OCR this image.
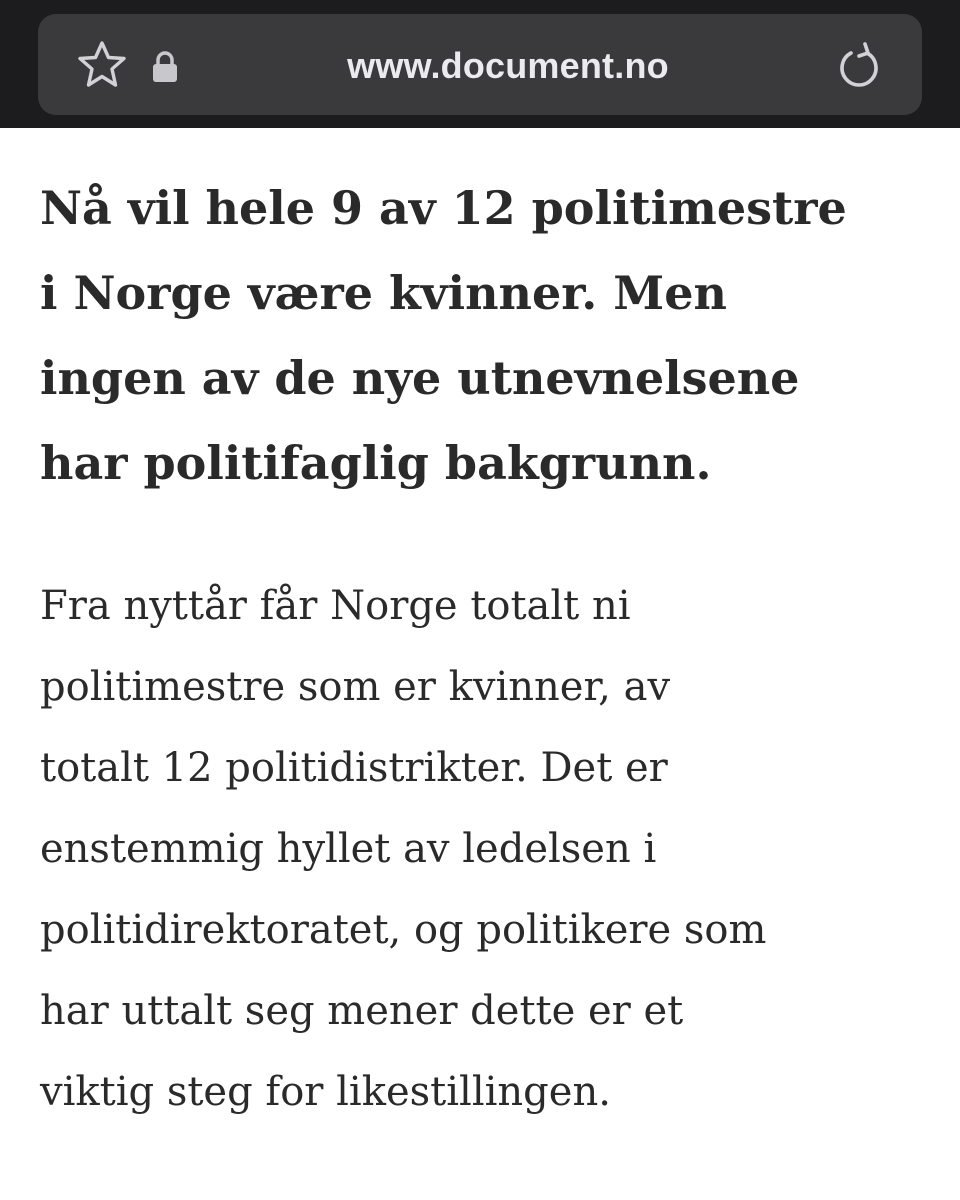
www.document.no
Nå vil hele 9 av 12 politimestre
i Norge være kvinner. Men
ingen av de nye utnevnelsene
har politifaglig bakgrunn.

Fra nyttår får Norge totalt ni
politimestre som er kvinner, av
totalt 12 politidistrikter. Det er
enstemmig hyllet av ledelsen i
politidirektoratet, og politikere som
har uttalt seg mener dette er et
viktig steg for likestillingen.
